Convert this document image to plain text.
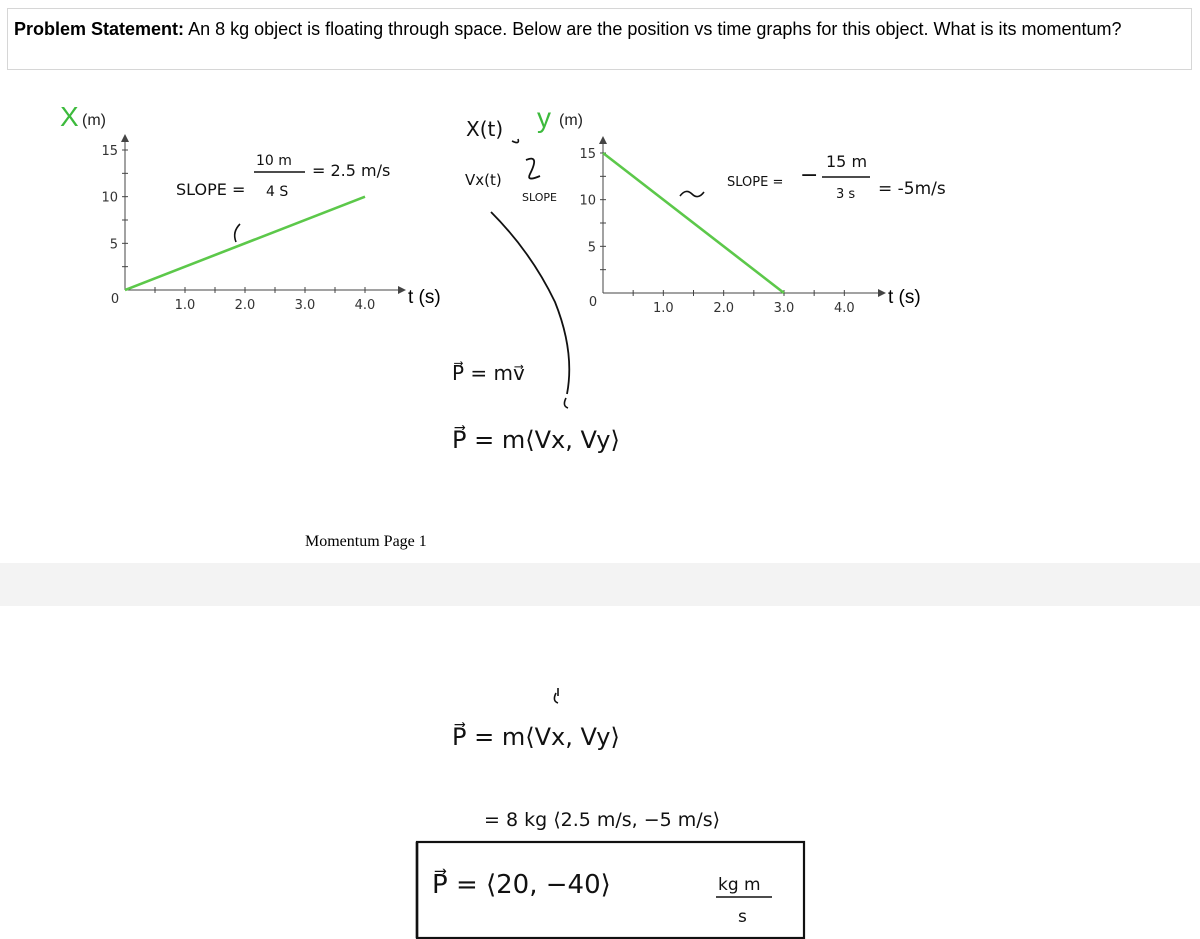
Problem Statement: An 8 kg object is floating through space. Below are the position vs time graphs for this object. What is its momentum?
Momentum Page 1
X (m)
0	1.0	2.0	3.0	4.0
5
10
15
t (s)
y (m)
0	1.0	2.0	3.0	4.0
5
10
15
t (s)
SLOPE =
10 m
4 S
= 2.5 m/s
X(t)
Vx(t)
SLOPE
SLOPE = −
15 m
3 s = -5m/s
P⃗ = mv⃗
P⃗ = m⟨Vx, Vy⟩
P⃗ = m⟨Vx, Vy⟩
= 8 kg ⟨2.5 m/s, −5 m/s⟩
P⃗ = ⟨20, −40⟩	kg m
s
